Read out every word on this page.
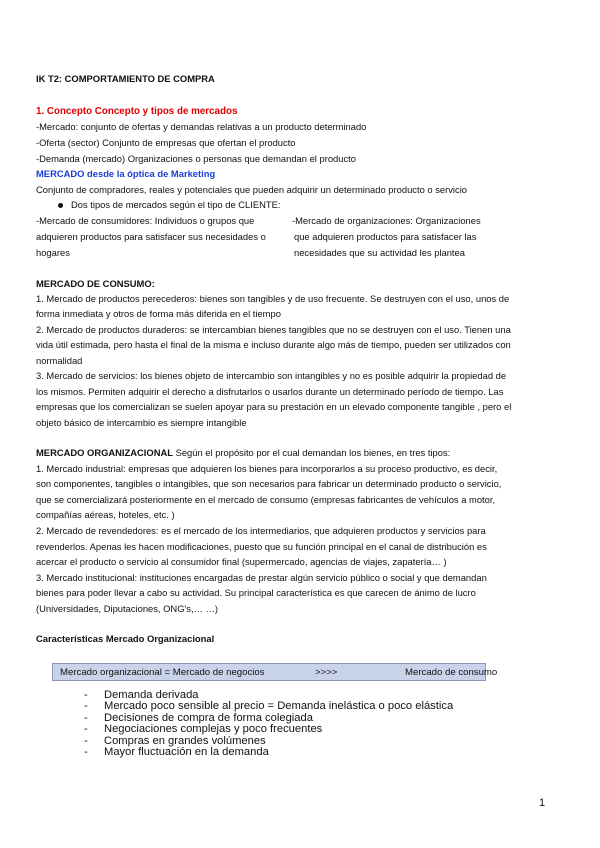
IK T2: COMPORTAMIENTO DE COMPRA
1. Concepto Concepto y tipos de mercados
-Mercado: conjunto de ofertas y demandas relativas a un producto determinado
-Oferta (sector) Conjunto de empresas que ofertan el producto
-Demanda (mercado) Organizaciones o personas que demandan el producto
MERCADO desde la óptica de Marketing
Conjunto de compradores, reales y potenciales que pueden adquirir un determinado producto o servicio
Dos tipos de mercados según el tipo de CLIENTE:
-Mercado de consumidores: Individuos o grupos que
adquieren productos para satisfacer sus necesidades o
hogares
-Mercado de organizaciones: Organizaciones
que adquieren productos para satisfacer las
necesidades que su actividad les plantea
MERCADO DE CONSUMO:
1. Mercado de productos perecederos: bienes son tangibles y de uso frecuente. Se destruyen con el uso, unos de
forma inmediata y otros de forma más diferida en el tiempo
2. Mercado de productos duraderos: se intercambian bienes tangibles que no se destruyen con el uso. Tienen una
vida útil estimada, pero hasta el final de la misma e incluso durante algo más de tiempo, pueden ser utilizados con
normalidad
3. Mercado de servicios: los bienes objeto de intercambio son intangibles y no es posible adquirir la propiedad de
los mismos. Permiten adquirir el derecho a disfrutarlos o usarlos durante un determinado período de tiempo. Las
empresas que los comercializan se suelen apoyar para su prestación en un elevado componente tangible , pero el
objeto básico de intercambio es siempre intangible
MERCADO ORGANIZACIONAL Según el propósito por el cual demandan los bienes, en tres tipos:
1. Mercado industrial: empresas que adquieren los bienes para incorporarlos a su proceso productivo, es decir,
son componentes, tangibles o intangibles, que son necesarios para fabricar un determinado producto o servicio,
que se comercializará posteriormente en el mercado de consumo (empresas fabricantes de vehículos a motor,
compañías aéreas, hoteles, etc. )
2. Mercado de revendedores: es el mercado de los intermediarios, que adquieren productos y servicios para
revenderlos. Apenas les hacen modificaciones, puesto que su función principal en el canal de distribución es
acercar el producto o servicio al consumidor final (supermercado, agencias de viajes, zapatería… )
3. Mercado institucional: instituciones encargadas de prestar algún servicio público o social y que demandan
bienes para poder llevar a cabo su actividad. Su principal característica es que carecen de ánimo de lucro
(Universidades, Diputaciones, ONG's,… …)
Características Mercado Organizacional
Mercado organizacional = Mercado de negocios	>>>>	Mercado de consumo
- Demanda derivada
- Mercado poco sensible al precio = Demanda inelástica o poco elástica
- Decisiones de compra de forma colegiada
- Negociaciones complejas y poco frecuentes
- Compras en grandes volúmenes
- Mayor fluctuación en la demanda
1
